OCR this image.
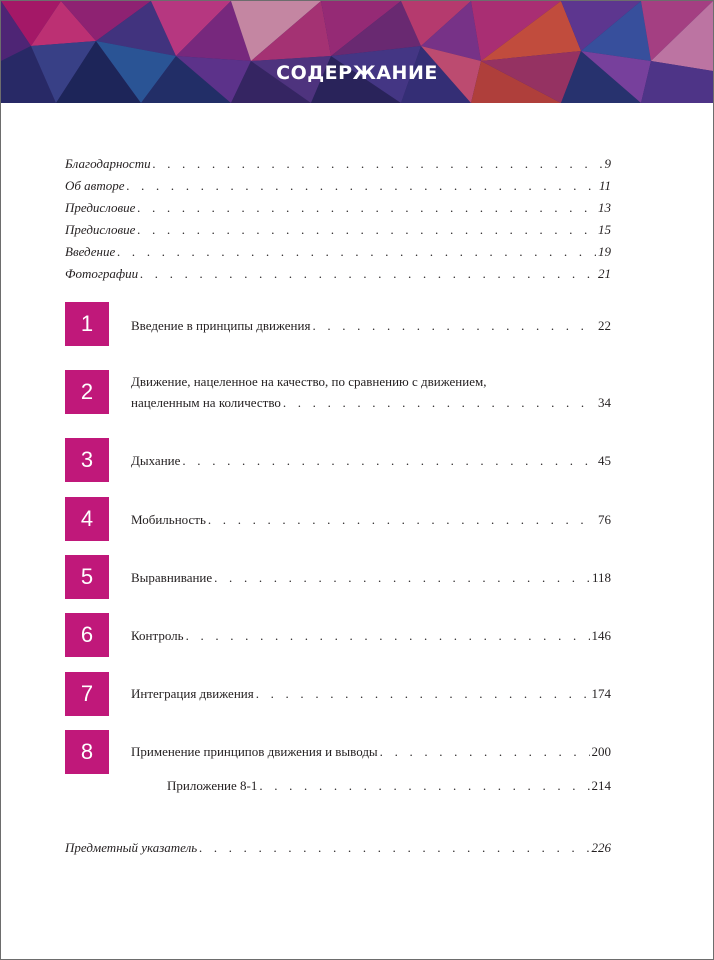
СОДЕРЖАНИЕ
Благодарности . . .	9
Об авторе . . .	11
Предисловие . . .	13
Предисловие . . .	15
Введение . . .	19
Фотографии . . .	21
1	Введение в принципы движения . . .	22
2	Движение, нацеленное на качество, по сравнению с движением,
нацеленным на количество . . .	34
3	Дыхание . . .	45
4	Мобильность . . .	76
5	Выравнивание . . .	118
6	Контроль . . .	146
7	Интеграция движения . . .	174
8	Применение принципов движения и выводы . . .	200
Приложение 8-1 . . .	214
Предметный указатель . . .	226
